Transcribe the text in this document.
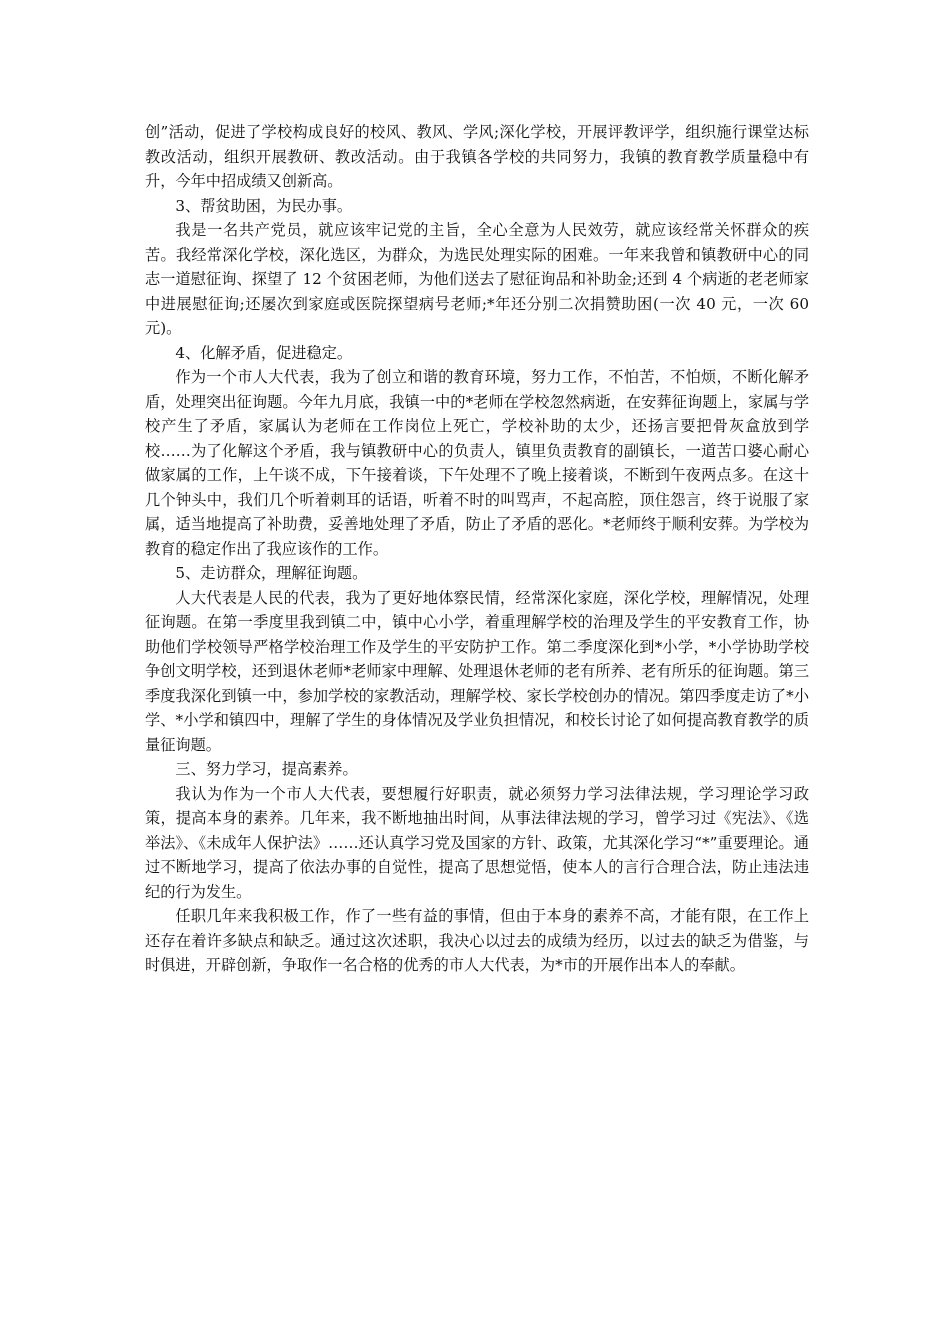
创”活动，促进了学校构成良好的校风、教风、学风;深化学校，开展评教评学，组织施行课堂达标教改活动，组织开展教研、教改活动。由于我镇各学校的共同努力，我镇的教育教学质量稳中有升，今年中招成绩又创新高。

3、帮贫助困，为民办事。

我是一名共产党员，就应该牢记党的主旨，全心全意为人民效劳，就应该经常关怀群众的疾苦。我经常深化学校，深化选区，为群众，为选民处理实际的困难。一年来我曾和镇教研中心的同志一道慰征询、探望了 12 个贫困老师，为他们送去了慰征询品和补助金;还到 4 个病逝的老老师家中进展慰征询;还屡次到家庭或医院探望病号老师;*年还分别二次捐赞助困(一次 40 元，一次 60 元)。

4、化解矛盾，促进稳定。

作为一个市人大代表，我为了创立和谐的教育环境，努力工作，不怕苦，不怕烦，不断化解矛盾，处理突出征询题。今年九月底，我镇一中的*老师在学校忽然病逝，在安葬征询题上，家属与学校产生了矛盾，家属认为老师在工作岗位上死亡，学校补助的太少，还扬言要把骨灰盒放到学校……为了化解这个矛盾，我与镇教研中心的负责人，镇里负责教育的副镇长，一道苦口婆心耐心做家属的工作，上午谈不成，下午接着谈，下午处理不了晚上接着谈，不断到午夜两点多。在这十几个钟头中，我们几个听着刺耳的话语，听着不时的叫骂声，不起高腔，顶住怨言，终于说服了家属，适当地提高了补助费，妥善地处理了矛盾，防止了矛盾的恶化。*老师终于顺利安葬。为学校为教育的稳定作出了我应该作的工作。

5、走访群众，理解征询题。

人大代表是人民的代表，我为了更好地体察民情，经常深化家庭，深化学校，理解情况，处理征询题。在第一季度里我到镇二中，镇中心小学，着重理解学校的治理及学生的平安教育工作，协助他们学校领导严格学校治理工作及学生的平安防护工作。第二季度深化到*小学，*小学协助学校争创文明学校，还到退休老师*老师家中理解、处理退休老师的老有所养、老有所乐的征询题。第三季度我深化到镇一中，参加学校的家教活动，理解学校、家长学校创办的情况。第四季度走访了*小学、*小学和镇四中，理解了学生的身体情况及学业负担情况，和校长讨论了如何提高教育教学的质量征询题。

三、努力学习，提高素养。

我认为作为一个市人大代表，要想履行好职责，就必须努力学习法律法规，学习理论学习政策，提高本身的素养。几年来，我不断地抽出时间，从事法律法规的学习，曾学习过《宪法》、《选举法》、《未成年人保护法》……还认真学习党及国家的方针、政策，尤其深化学习“*”重要理论。通过不断地学习，提高了依法办事的自觉性，提高了思想觉悟，使本人的言行合理合法，防止违法违纪的行为发生。

任职几年来我积极工作，作了一些有益的事情，但由于本身的素养不高，才能有限，在工作上还存在着许多缺点和缺乏。通过这次述职，我决心以过去的成绩为经历，以过去的缺乏为借鉴，与时俱进，开辟创新，争取作一名合格的优秀的市人大代表，为*市的开展作出本人的奉献。
